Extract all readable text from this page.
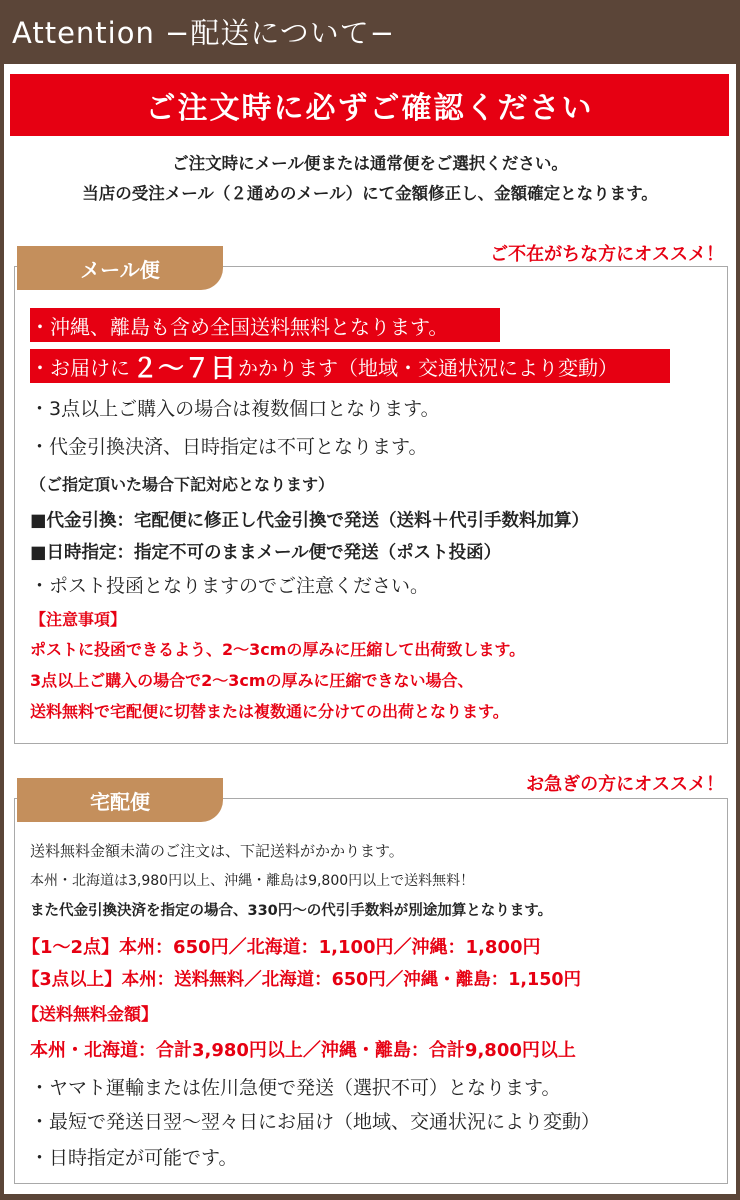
Attention −配送について−
ご注文時に必ずご確認ください
ご注文時にメール便または通常便をご選択ください。
当店の受注メール（２通めのメール）にて金額修正し、金額確定となります。
メール便
ご不在がちな方にオススメ！
・沖縄、離島も含め全国送料無料となります。
・お届けに ２〜７日 かかります（地域・交通状況により変動）
・3点以上ご購入の場合は複数個口となります。
・代金引換決済、日時指定は不可となります。
（ご指定頂いた場合下記対応となります）
■代金引換：宅配便に修正し代金引換で発送（送料＋代引手数料加算）
■日時指定：指定不可のままメール便で発送（ポスト投函）
・ポスト投函となりますのでご注意ください。
【注意事項】
ポストに投函できるよう、2〜3cmの厚みに圧縮して出荷致します。
3点以上ご購入の場合で2〜3cmの厚みに圧縮できない場合、
送料無料で宅配便に切替または複数通に分けての出荷となります。
宅配便
お急ぎの方にオススメ！
送料無料金額未満のご注文は、下記送料がかかります。
本州・北海道は3,980円以上、沖縄・離島は9,800円以上で送料無料！
また代金引換決済を指定の場合、330円〜の代引手数料が別途加算となります。
【1〜2点】本州：650円／北海道：1,100円／沖縄：1,800円
【3点以上】本州：送料無料／北海道：650円／沖縄・離島：1,150円
【送料無料金額】
本州・北海道：合計3,980円以上／沖縄・離島：合計9,800円以上
・ヤマト運輸または佐川急便で発送（選択不可）となります。
・最短で発送日翌〜翌々日にお届け（地域、交通状況により変動）
・日時指定が可能です。
